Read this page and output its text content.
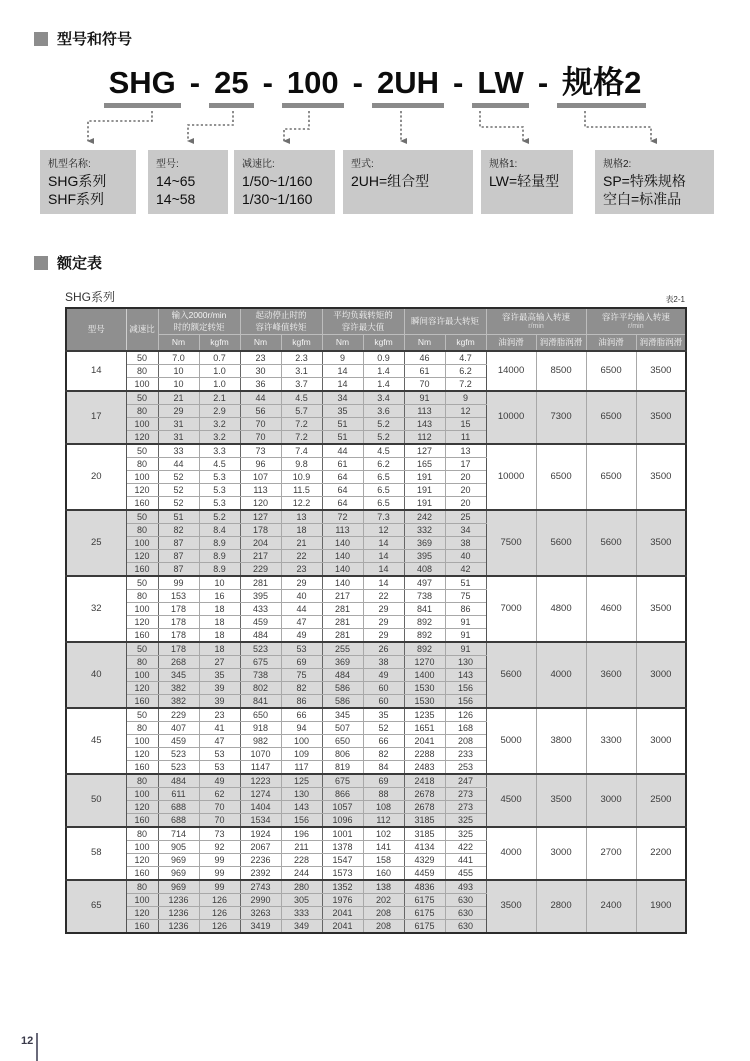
型号和符号
SHG - 25 - 100 - 2UH - LW - 规格2
机型名称:
SHG系列
SHF系列
型号:
14~65
14~58
减速比:
1/50~1/160
1/30~1/160
型式:
2UH=组合型
规格1:
LW=轻量型
规格2:
SP=特殊规格
空白=标准品
额定表
SHG系列	表2-1
型号	减速比	输入2000r/min
时的额定转矩		起动停止时的
容许峰值转矩		平均负载转矩的
容许最大值		瞬间容许最大转矩		容许最高输入转速
r/min		容许平均输入转速
r/min	

		Nm	kgfm	Nm	kgfm	Nm	kgfm	Nm	kgfm	油润滑	润滑脂润滑	油润滑	润滑脂润滑
14	50	7.0	0.7	23	2.3	9	0.9	46	4.7	14000	8500	6500	3500
	80	10	1.0	30	3.1	14	1.4	61	6.2				
	100	10	1.0	36	3.7	14	1.4	70	7.2				
17	50	21	2.1	44	4.5	34	3.4	91	9	10000	7300	6500	3500
	80	29	2.9	56	5.7	35	3.6	113	12				
	100	31	3.2	70	7.2	51	5.2	143	15				
	120	31	3.2	70	7.2	51	5.2	112	11				
20	50	33	3.3	73	7.4	44	4.5	127	13	10000	6500	6500	3500
	80	44	4.5	96	9.8	61	6.2	165	17				
	100	52	5.3	107	10.9	64	6.5	191	20				
	120	52	5.3	113	11.5	64	6.5	191	20				
	160	52	5.3	120	12.2	64	6.5	191	20				
25	50	51	5.2	127	13	72	7.3	242	25	7500	5600	5600	3500
	80	82	8.4	178	18	113	12	332	34				
	100	87	8.9	204	21	140	14	369	38				
	120	87	8.9	217	22	140	14	395	40				
	160	87	8.9	229	23	140	14	408	42				
32	50	99	10	281	29	140	14	497	51	7000	4800	4600	3500
	80	153	16	395	40	217	22	738	75				
	100	178	18	433	44	281	29	841	86				
	120	178	18	459	47	281	29	892	91				
	160	178	18	484	49	281	29	892	91				
40	50	178	18	523	53	255	26	892	91	5600	4000	3600	3000
	80	268	27	675	69	369	38	1270	130				
	100	345	35	738	75	484	49	1400	143				
	120	382	39	802	82	586	60	1530	156				
	160	382	39	841	86	586	60	1530	156				
45	50	229	23	650	66	345	35	1235	126	5000	3800	3300	3000
	80	407	41	918	94	507	52	1651	168				
	100	459	47	982	100	650	66	2041	208				
	120	523	53	1070	109	806	82	2288	233				
	160	523	53	1147	117	819	84	2483	253				
50	80	484	49	1223	125	675	69	2418	247	4500	3500	3000	2500
	100	611	62	1274	130	866	88	2678	273				
	120	688	70	1404	143	1057	108	2678	273				
	160	688	70	1534	156	1096	112	3185	325				
58	80	714	73	1924	196	1001	102	3185	325	4000	3000	2700	2200
	100	905	92	2067	211	1378	141	4134	422				
	120	969	99	2236	228	1547	158	4329	441				
	160	969	99	2392	244	1573	160	4459	455				
65	80	969	99	2743	280	1352	138	4836	493	3500	2800	2400	1900
	100	1236	126	2990	305	1976	202	6175	630				
	120	1236	126	3263	333	2041	208	6175	630				
	160	1236	126	3419	349	2041	208	6175	630				
12
